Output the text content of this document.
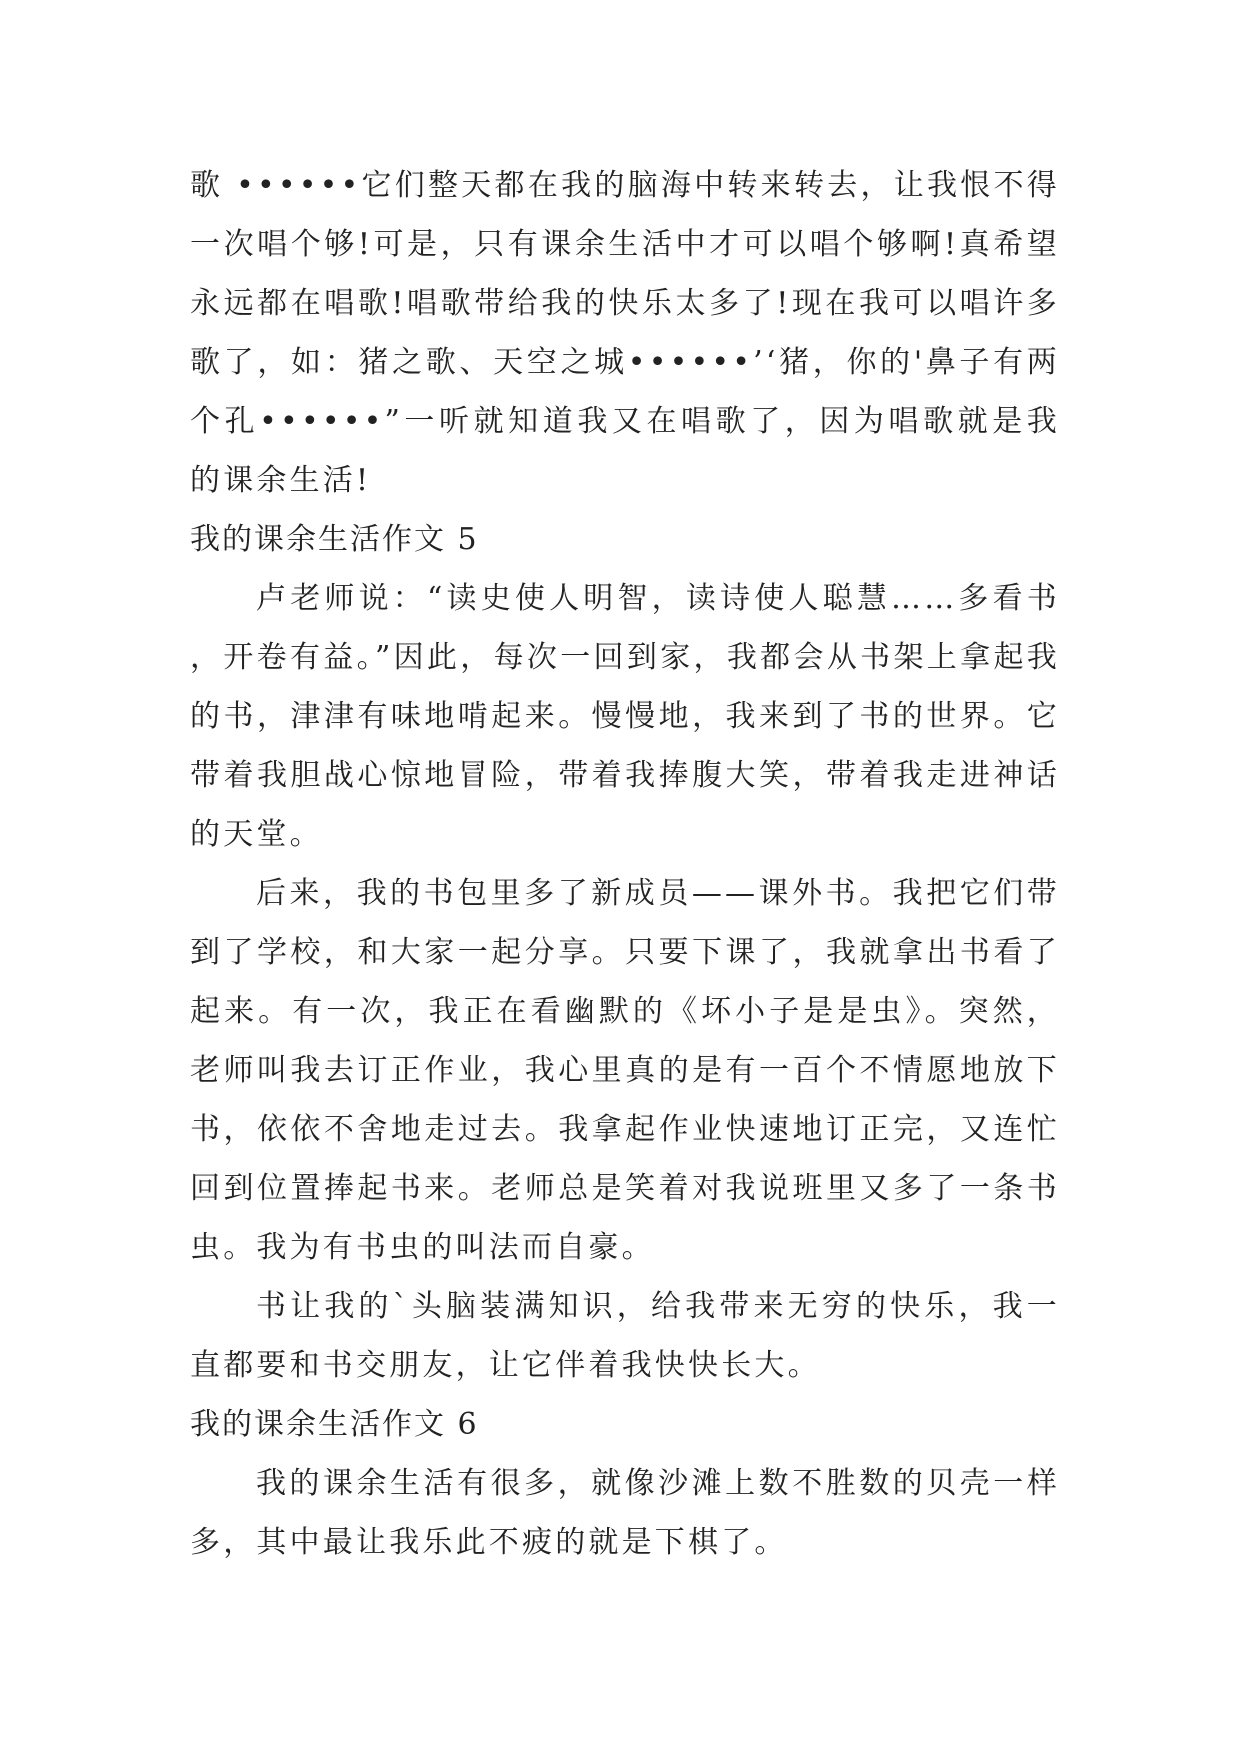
歌 ••••••它们整天都在我的脑海中转来转去，让我恨不得一次唱个够!可是，只有课余生活中才可以唱个够啊!真希望永远都在唱歌!唱歌带给我的快乐太多了!现在我可以唱许多歌了，如：猪之歌、天空之城••••••’‘猪，你的'鼻子有两个孔••••••”一听就知道我又在唱歌了，因为唱歌就是我的课余生活!

我的课余生活作文 5

卢老师说：“读史使人明智，读诗使人聪慧……多看书，开卷有益。”因此，每次一回到家，我都会从书架上拿起我的书，津津有味地啃起来。慢慢地，我来到了书的世界。它带着我胆战心惊地冒险，带着我捧腹大笑，带着我走进神话的天堂。

后来，我的书包里多了新成员——课外书。我把它们带到了学校，和大家一起分享。只要下课了，我就拿出书看了起来。有一次，我正在看幽默的《坏小子是是虫》。突然，老师叫我去订正作业，我心里真的是有一百个不情愿地放下书，依依不舍地走过去。我拿起作业快速地订正完，又连忙回到位置捧起书来。老师总是笑着对我说班里又多了一条书虫。我为有书虫的叫法而自豪。

书让我的`头脑装满知识，给我带来无穷的快乐，我一直都要和书交朋友，让它伴着我快快长大。

我的课余生活作文 6

我的课余生活有很多，就像沙滩上数不胜数的贝壳一样多，其中最让我乐此不疲的就是下棋了。
